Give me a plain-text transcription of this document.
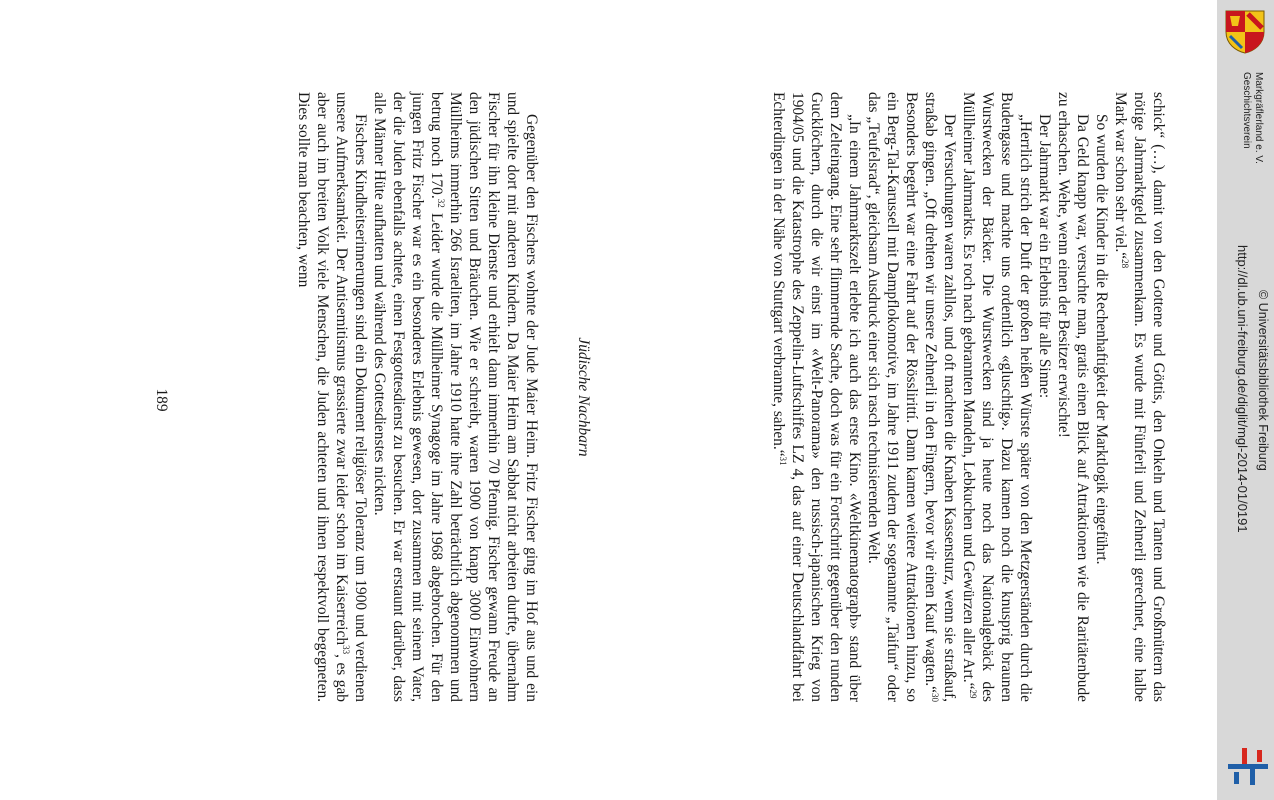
schick“ (…), damit von den Gottene und Göttis, den Onkeln und Tanten und Großmüttern das nötige Jahrmarktgeld zusammenkam. Es wurde mit Fünferli und Zehnerli gerechnet, eine halbe Mark war schon sehr viel.“$^{28}$

So wurden die Kinder in die Rechenhaftigkeit der Marktlogik eingeführt.

Da Geld knapp war, versuchte man, gratis einen Blick auf Attraktionen wie die Raritätenbude zu erhaschen. Wehe, wenn einen der Besitzer erwischte!

Der Jahrmarkt war ein Erlebnis für alle Sinne:

„Herrlich strich der Duft der großen heißen Würste später von den Metzgerständen durch die Budengasse und machte uns ordentlich «gluschtig». Dazu kamen noch die knusprig braunen Wurstwecken der Bäcker. Die Wurstwecken sind ja heute noch das Nationalgebäck des Müllheimer Jahrmarkts. Es roch nach gebrannten Mandeln, Lebkuchen und Gewürzen aller Art.“$^{29}$

Der Versuchungen waren zahllos, und oft machten die Knaben Kassensturz, wenn sie straßauf, straßab gingen. „Oft drehten wir unsere Zehnerli in den Fingern, bevor wir einen Kauf wagten.“$^{30}$ Besonders begehrt war eine Fahrt auf der Rösslirittí. Dann kamen weitere Attraktionen hinzu, so ein Berg-Tal-Karussell mit Dampflokomotive, im Jahre 1911 zudem der sogenannte „Taifun“ oder das „Teufelsrad“, gleichsam Ausdruck einer sich rasch technisierenden Welt.

„In einem Jahrmarktszelt erlebte ich auch das erste Kino. «Weltkinematograph» stand über dem Zelteingang. Eine sehr flimmernde Sache, doch was für ein Fortschritt gegenüber den runden Gucklöchern, durch die wir einst im «Welt-Panorama» den russisch-japanischen Krieg von 1904/05 und die Katastrophe des Zeppelin-Luftschiffes LZ 4, das auf einer Deutschlandfahrt bei Echterdingen in der Nähe von Stuttgart verbrannte, sahen.“$^{31}$

Jüdische Nachbarn

Gegenüber den Fischers wohnte der Jude Maier Heim. Fritz Fischer ging im Hof aus und ein und spielte dort mit anderen Kindern. Da Maier Heim am Sabbat nicht arbeiten durfte, übernahm Fischer für ihn kleine Dienste und erhielt dann immerhin 70 Pfennig. Fischer gewann Freude an den jüdischen Sitten und Bräuchen. Wie er schreibt, waren 1900 von knapp 3000 Einwohnern Müllheims immerhin 266 Israeliten, im Jahre 1910 hatte ihre Zahl beträchtlich abgenommen und betrug noch 170.32 Leider wurde die Müllheimer Synagoge im Jahre 1968 abgebrochen. Für den jungen Fritz Fischer war es ein besonderes Erlebnis gewesen, dort zusammen mit seinem Vater, der die Juden ebenfalls achtete, einen Festgottesdienst zu besuchen. Er war erstaunt darüber, dass alle Männer Hüte aufhatten und während des Gottesdienstes nickten.

Fischers Kindheitserinnerungen sind ein Dokument religiöser Toleranz um 1900 und verdienen unsere Aufmerksamkeit. Der Antisemitismus grassierte zwar leider schon im Kaiserreich$^{33}$, es gab aber auch im breiten Volk viele Menschen, die Juden achteten und ihnen respektvoll begegneten. Dies sollte man beachten, wenn

189
Geschichtsverein Markgräflerland e. V.
http://dl.ub.uni-freiburg.de/diglit/mgl-2014-01/0191 © Universitätsbibliothek Freiburg
